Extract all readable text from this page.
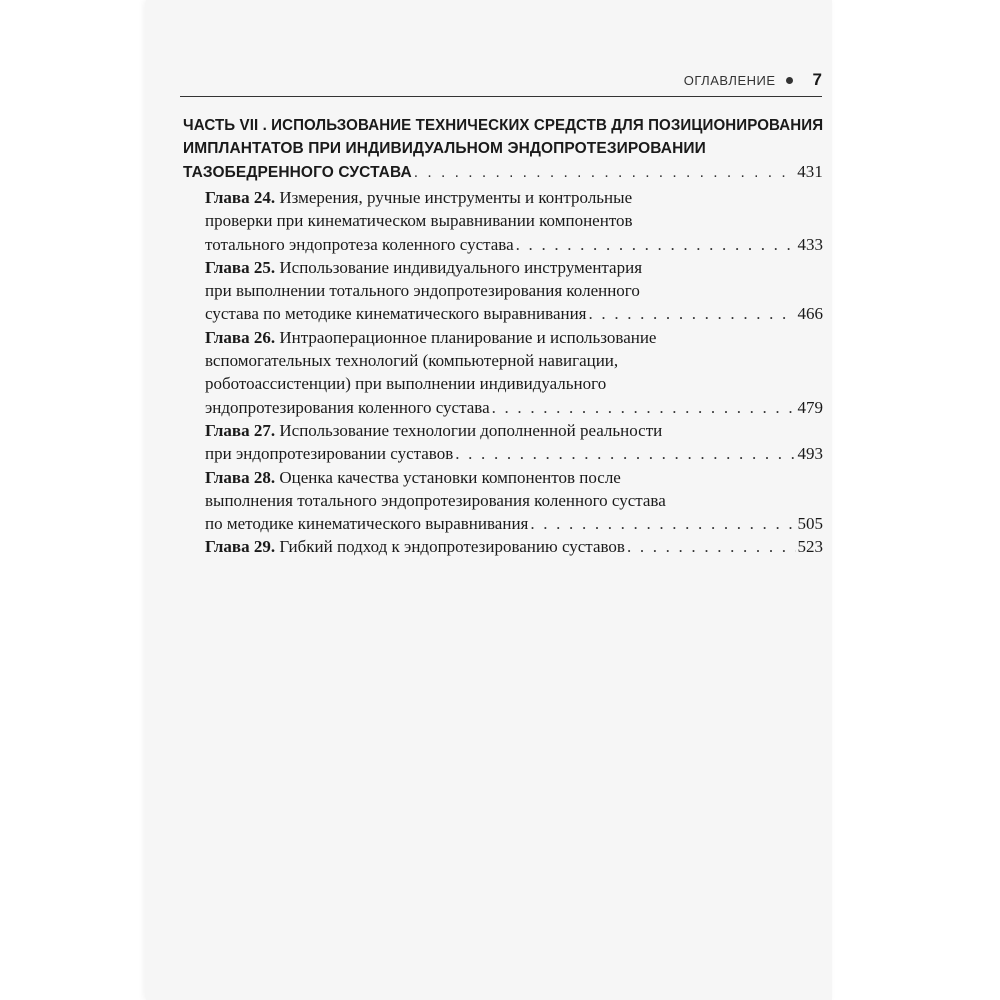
ОГЛАВЛЕНИЕ 7
ЧАСТЬ VII . ИСПОЛЬЗОВАНИЕ ТЕХНИЧЕСКИХ СРЕДСТВ ДЛЯ ПОЗИЦИОНИРОВАНИЯ
ИМПЛАНТАТОВ ПРИ ИНДИВИДУАЛЬНОМ ЭНДОПРОТЕЗИРОВАНИИ
ТАЗОБЕДРЕННОГО СУСТАВА . . .	431
Глава 24. Измерения, ручные инструменты и контрольные
проверки при кинематическом выравнивании компонентов
тотального эндопротеза коленного сустава . . .	433
Глава 25. Использование индивидуального инструментария
при выполнении тотального эндопротезирования коленного
сустава по методике кинематического выравнивания . . .	466
Глава 26. Интраоперационное планирование и использование
вспомогательных технологий (компьютерной навигации,
роботоассистенции) при выполнении индивидуального
эндопротезирования коленного сустава . . .	479
Глава 27. Использование технологии дополненной реальности
при эндопротезировании суставов . . .	493
Глава 28. Оценка качества установки компонентов после
выполнения тотального эндопротезирования коленного сустава
по методике кинематического выравнивания . . .	505
Глава 29. Гибкий подход к эндопротезированию суставов . . .	523
